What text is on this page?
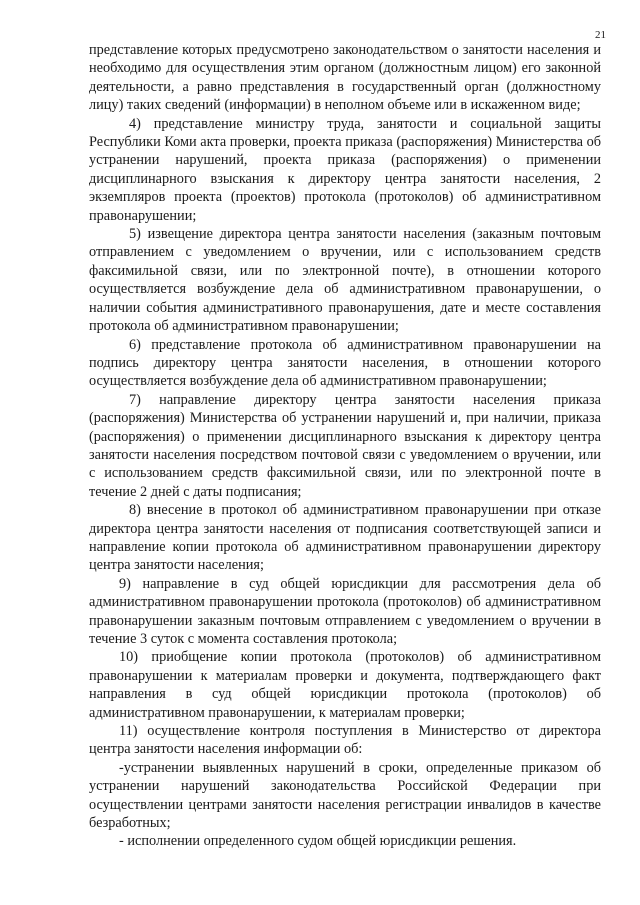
21

представление которых предусмотрено законодательством о занятости населения и необходимо для осуществления этим органом (должностным лицом) его законной деятельности, а равно представления в государственный орган (должностному лицу) таких сведений (информации) в неполном объеме или в искаженном виде;

4) представление министру труда, занятости и социальной защиты Республики Коми акта проверки, проекта приказа (распоряжения) Министерства об устранении нарушений, проекта приказа (распоряжения) о применении дисциплинарного взыскания к директору центра занятости населения, 2 экземпляров проекта (проектов) протокола (протоколов) об административном правонарушении;

5) извещение директора центра занятости населения (заказным почтовым отправлением с уведомлением о вручении, или с использованием средств факсимильной связи, или по электронной почте), в отношении которого осуществляется возбуждение дела об административном правонарушении, о наличии события административного правонарушения, дате и месте составления протокола об административном правонарушении;

6) представление протокола об административном правонарушении на подпись директору центра занятости населения, в отношении которого осуществляется возбуждение дела об административном правонарушении;

7) направление директору центра занятости населения приказа (распоряжения) Министерства об устранении нарушений и, при наличии, приказа (распоряжения) о применении дисциплинарного взыскания к директору центра занятости населения посредством почтовой связи с уведомлением о вручении, или с использованием средств факсимильной связи, или по электронной почте в течение 2 дней с даты подписания;

8) внесение в протокол об административном правонарушении при отказе директора центра занятости населения от подписания соответствующей записи и направление копии протокола об административном правонарушении директору центра занятости населения;

9) направление в суд общей юрисдикции для рассмотрения дела об административном правонарушении протокола (протоколов) об административном правонарушении заказным почтовым отправлением с уведомлением о вручении в течение 3 суток с момента составления протокола;

10) приобщение копии протокола (протоколов) об административном правонарушении к материалам проверки и документа, подтверждающего факт направления в суд общей юрисдикции протокола (протоколов) об административном правонарушении, к материалам проверки;

11) осуществление контроля поступления в Министерство от директора центра занятости населения информации об:

-устранении выявленных нарушений в сроки, определенные приказом об устранении нарушений законодательства Российской Федерации при осуществлении центрами занятости населения регистрации инвалидов в качестве безработных;

- исполнении определенного судом общей юрисдикции решения.
